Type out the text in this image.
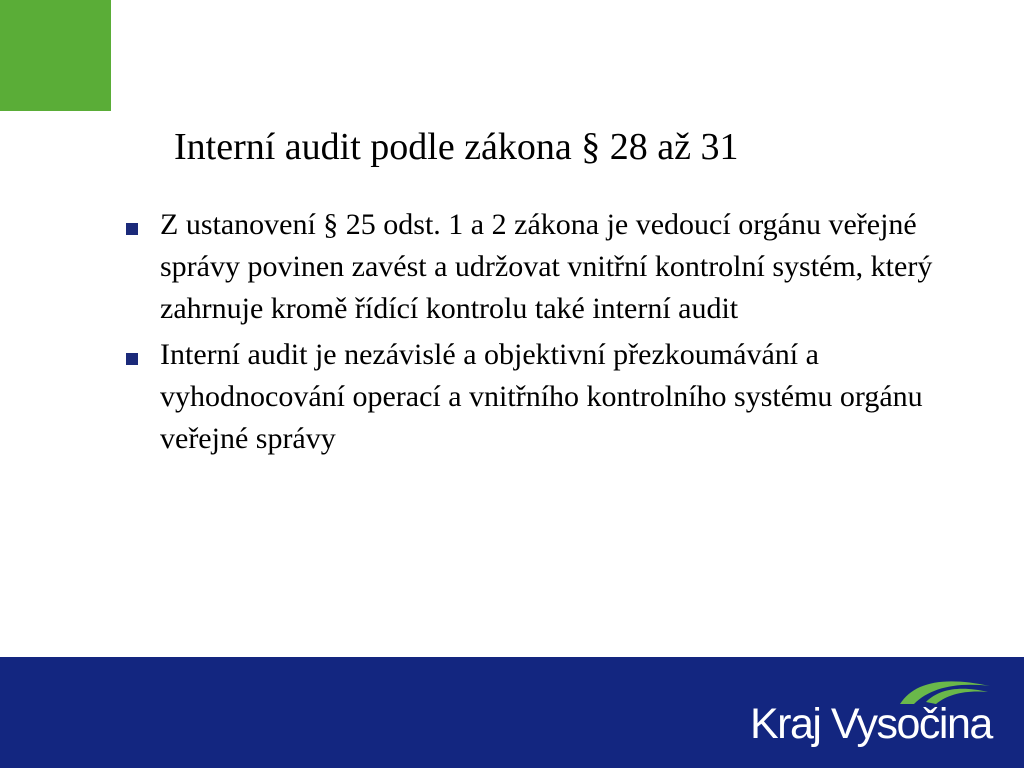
Interní audit podle zákona § 28 až 31
Z ustanovení § 25 odst. 1 a 2 zákona je vedoucí orgánu veřejné správy povinen zavést a udržovat vnitřní kontrolní systém, který zahrnuje kromě řídící kontrolu také interní audit
Interní audit je nezávislé a objektivní přezkoumávání a vyhodnocování operací a vnitřního kontrolního systému orgánu veřejné správy
Kraj Vysočina
